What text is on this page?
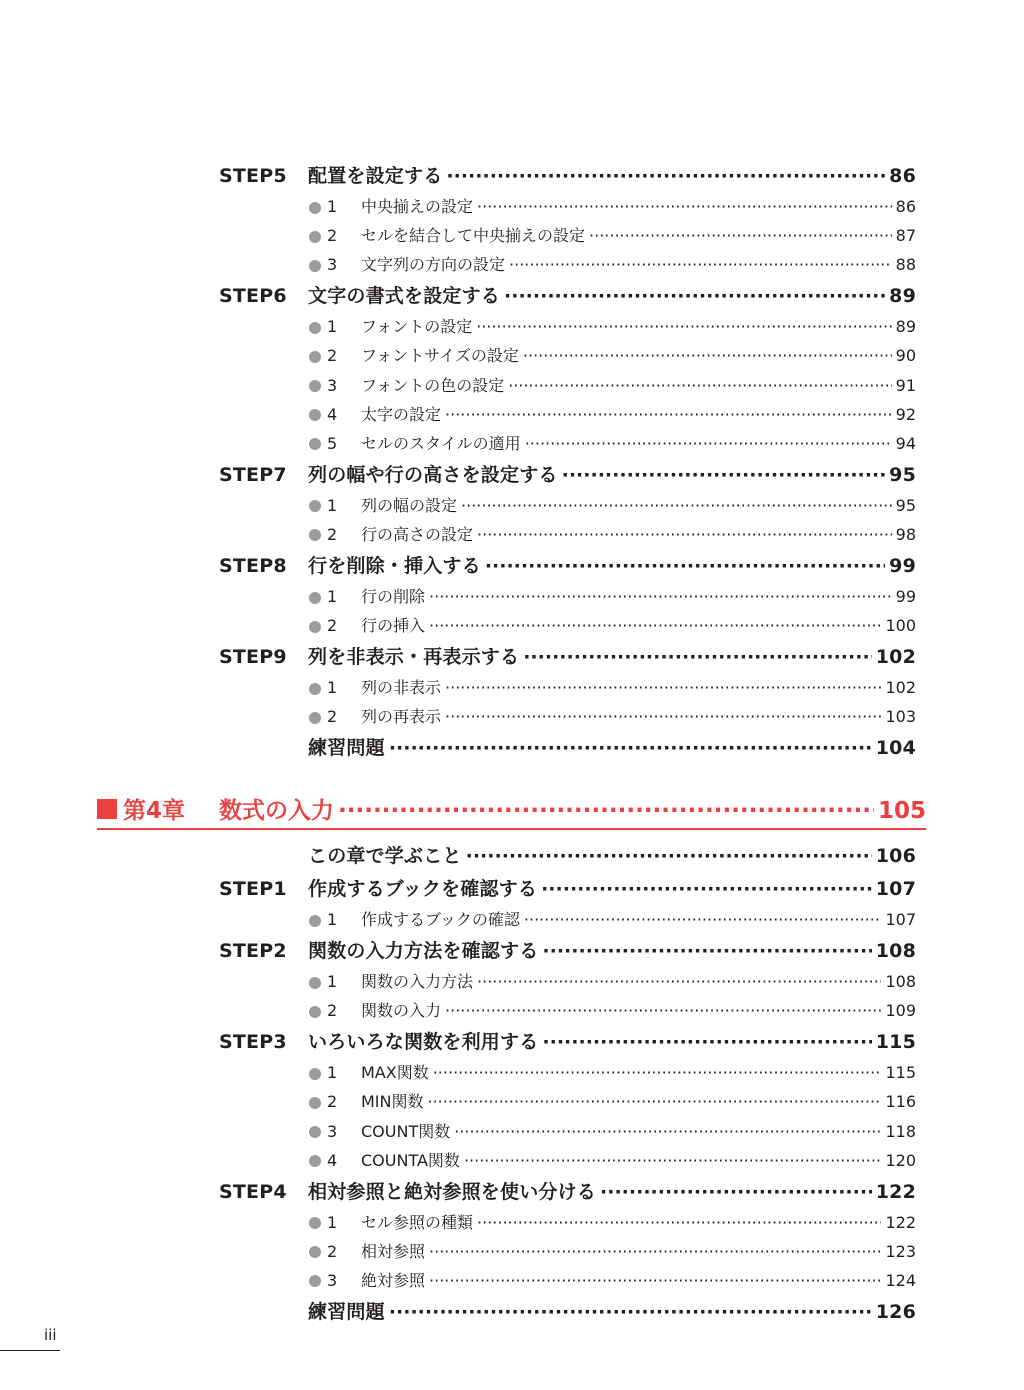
STEP5	配置を設定する ·····	86
1	中央揃えの設定 ·····	86
2	セルを結合して中央揃えの設定 ·····	87
3	文字列の方向の設定 ·····	88
STEP6	文字の書式を設定する ·····	89
1	フォントの設定 ·····	89
2	フォントサイズの設定 ·····	90
3	フォントの色の設定 ·····	91
4	太字の設定 ·····	92
5	セルのスタイルの適用 ·····	94
STEP7	列の幅や行の高さを設定する ·····	95
1	列の幅の設定 ·····	95
2	行の高さの設定 ·····	98
STEP8	行を削除・挿入する ·····	99
1	行の削除 ·····	99
2	行の挿入 ·····	100
STEP9	列を非表示・再表示する ·····	102
1	列の非表示 ·····	102
2	列の再表示 ·····	103
練習問題 ·····	104
第4章	数式の入力 ·····	105
この章で学ぶこと ·····	106
STEP1	作成するブックを確認する ·····	107
1	作成するブックの確認 ·····	107
STEP2	関数の入力方法を確認する ·····	108
1	関数の入力方法 ·····	108
2	関数の入力 ·····	109
STEP3	いろいろな関数を利用する ·····	115
1	MAX関数 ·····	115
2	MIN関数 ·····	116
3	COUNT関数 ·····	118
4	COUNTA関数 ·····	120
STEP4	相対参照と絶対参照を使い分ける ·····	122
1	セル参照の種類 ·····	122
2	相対参照 ·····	123
3	絶対参照 ·····	124
練習問題 ·····	126
iii
